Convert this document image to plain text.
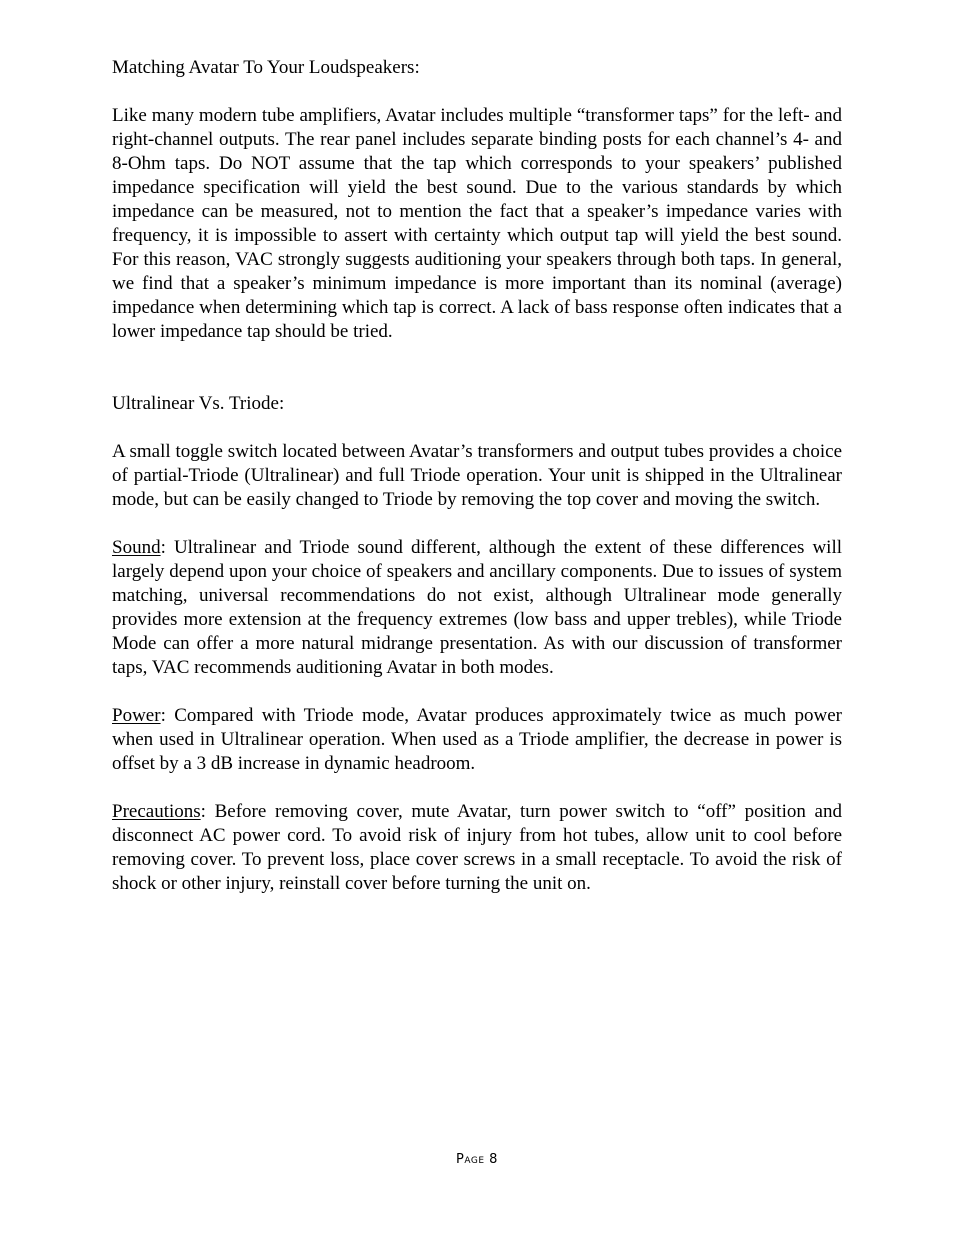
Matching Avatar To Your Loudspeakers:

Like many modern tube amplifiers, Avatar includes multiple “transformer taps” for the left- and right-channel outputs. The rear panel includes separate binding posts for each channel’s 4- and 8-Ohm taps. Do NOT assume that the tap which corresponds to your speakers’ published impedance specification will yield the best sound. Due to the various standards by which impedance can be measured, not to mention the fact that a speaker’s impedance varies with frequency, it is impossible to assert with certainty which output tap will yield the best sound. For this reason, VAC strongly suggests auditioning your speakers through both taps. In general, we find that a speaker’s minimum impedance is more important than its nominal (average) impedance when determining which tap is correct. A lack of bass response often indicates that a lower impedance tap should be tried.

Ultralinear Vs. Triode:

A small toggle switch located between Avatar’s transformers and output tubes provides a choice of partial-Triode (Ultralinear) and full Triode operation. Your unit is shipped in the Ultralinear mode, but can be easily changed to Triode by removing the top cover and moving the switch.

Sound: Ultralinear and Triode sound different, although the extent of these differences will largely depend upon your choice of speakers and ancillary components. Due to issues of system matching, universal recommendations do not exist, although Ultralinear mode generally provides more extension at the frequency extremes (low bass and upper trebles), while Triode Mode can offer a more natural midrange presentation. As with our discussion of transformer taps, VAC recommends auditioning Avatar in both modes.

Power: Compared with Triode mode, Avatar produces approximately twice as much power when used in Ultralinear operation. When used as a Triode amplifier, the decrease in power is offset by a 3 dB increase in dynamic headroom.

Precautions: Before removing cover, mute Avatar, turn power switch to “off” position and disconnect AC power cord. To avoid risk of injury from hot tubes, allow unit to cool before removing cover. To prevent loss, place cover screws in a small receptacle. To avoid the risk of shock or other injury, reinstall cover before turning the unit on.

Page 8
